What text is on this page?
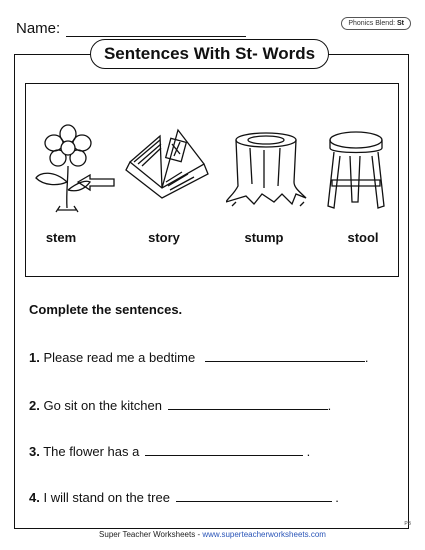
Name:	Phonics Blend: St
Sentences With St- Words
stem	story	stump	stool
Complete the sentences.
1. Please read me a bedtime	.
2. Go sit on the kitchen	.
3. The flower has a	.
4. I will stand on the tree	.
Super Teacher Worksheets - www.superteacherworksheets.com
PB
